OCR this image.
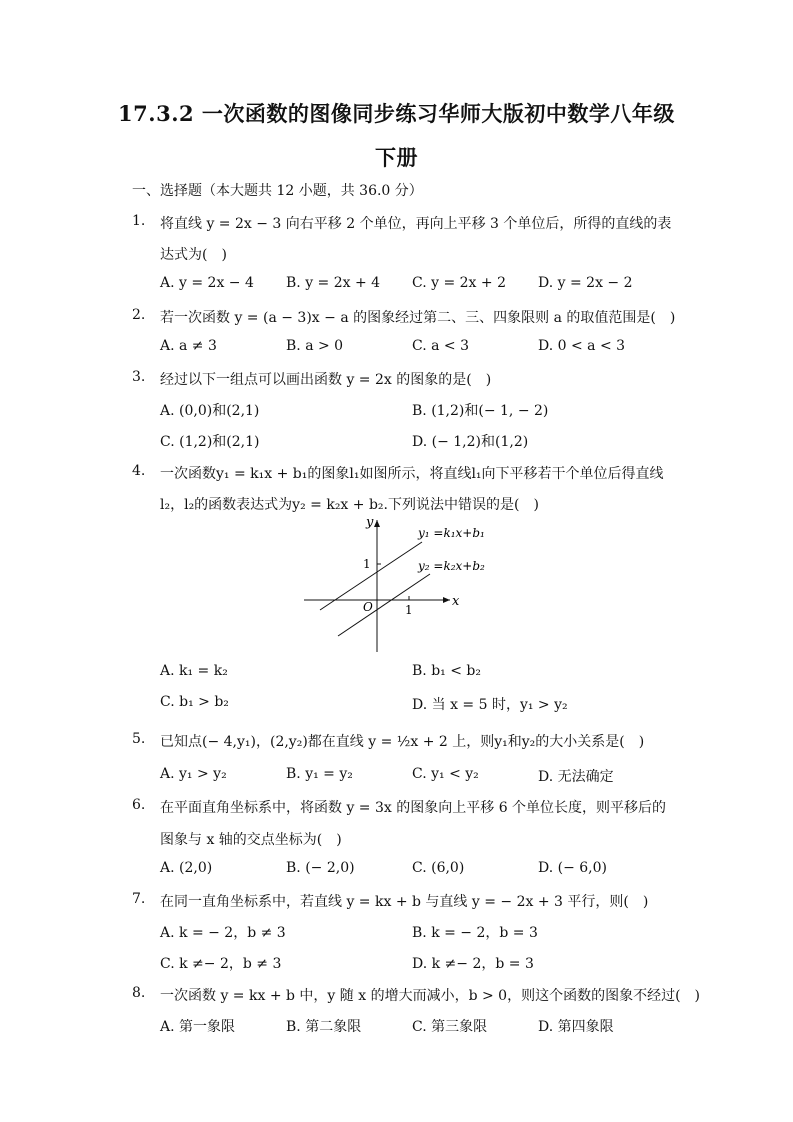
17.3.2 一次函数的图像同步练习华师大版初中数学八年级
下册
一、选择题（本大题共 12 小题，共 36.0 分）
1. 将直线 y = 2x − 3 向右平移 2 个单位，再向上平移 3 个单位后，所得的直线的表
达式为(　)
A. y = 2x − 4 B. y = 2x + 4 C. y = 2x + 2 D. y = 2x − 2
2. 若一次函数 y = (a − 3)x − a 的图象经过第二、三、四象限则 a 的取值范围是(　)
A. a ≠ 3	B. a > 0	C. a < 3	D. 0 < a < 3
3. 经过以下一组点可以画出函数 y = 2x 的图象的是(　)
A. (0,0)和(2,1)	B. (1,2)和(− 1, − 2)
C. (1,2)和(2,1)	D. (− 1,2)和(1,2)
4. 一次函数y₁ = k₁x + b₁的图象l₁如图所示，将直线l₁向下平移若干个单位后得直线
l₂，l₂的函数表达式为y₂ = k₂x + b₂.下列说法中错误的是(　)
y
x
O
1
1
y₁ =k₁x+b₁
y₂ =k₂x+b₂
A. k₁ = k₂	B. b₁ < b₂
C. b₁ > b₂	D. 当 x = 5 时，y₁ > y₂
5. 已知点(− 4,y₁)，(2,y₂)都在直线 y = ½x + 2 上，则y₁和y₂的大小关系是(　)
A. y₁ > y₂	B. y₁ = y₂	C. y₁ < y₂	D. 无法确定
6. 在平面直角坐标系中，将函数 y = 3x 的图象向上平移 6 个单位长度，则平移后的
图象与 x 轴的交点坐标为(　)
A. (2,0)	B. (− 2,0)	C. (6,0)	D. (− 6,0)
7. 在同一直角坐标系中，若直线 y = kx + b 与直线 y = − 2x + 3 平行，则(　)
A. k = − 2，b ≠ 3	B. k = − 2，b = 3
C. k ≠− 2，b ≠ 3	D. k ≠− 2，b = 3
8. 一次函数 y = kx + b 中，y 随 x 的增大而减小，b > 0，则这个函数的图象不经过(　)
A. 第一象限	B. 第二象限	C. 第三象限	D. 第四象限
